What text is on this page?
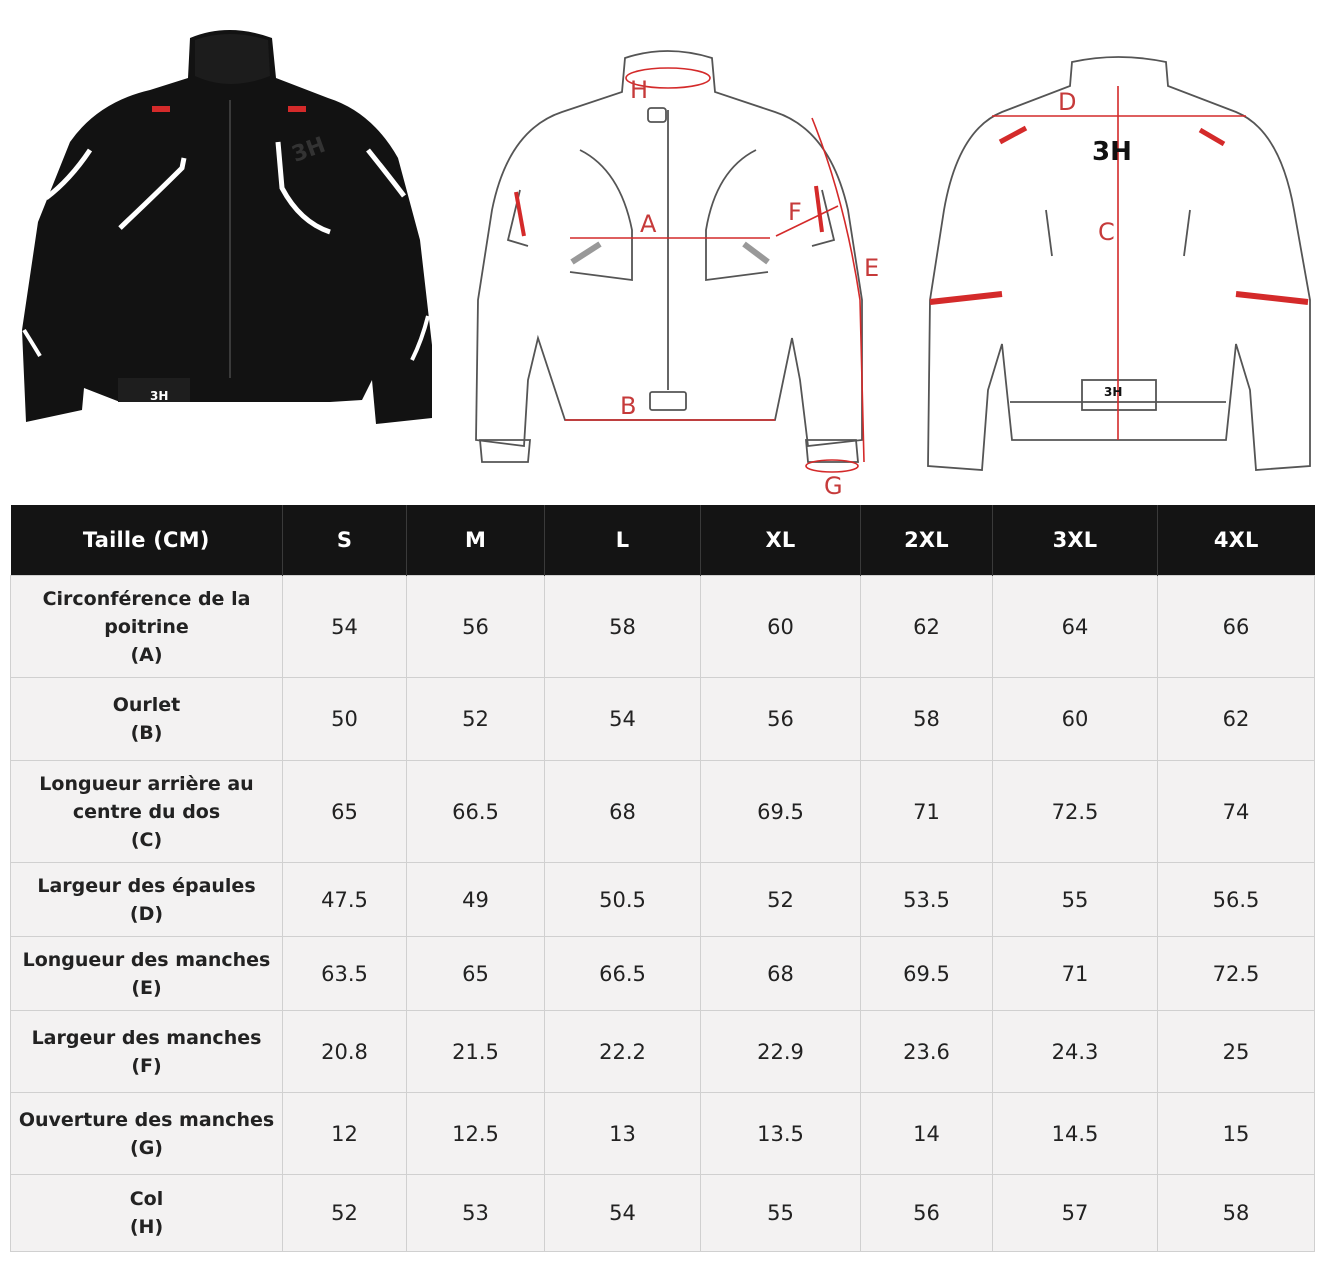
3H
3H
A
B
E
F
G
H
C
D
3H
3H
Taille (CM)	S	M	L	XL	2XL	3XL	4XL
Circonférence de la poitrine
(A)	54	56	58	60	62	64	66

Ourlet
(B)	50	52	54	56	58	60	62
Longueur arrière au centre du dos
(C)	65	66.5	68	69.5	71	72.5	74

Largeur des épaules
(D)	47.5	49	50.5	52	53.5	55	56.5

Longueur des manches
(E)	63.5	65	66.5	68	69.5	71	72.5

Largeur des manches
(F)	20.8	21.5	22.2	22.9	23.6	24.3	25

Ouverture des manches
(G)	12	12.5	13	13.5	14	14.5	15

Col
(H)	52	53	54	55	56	57	58
